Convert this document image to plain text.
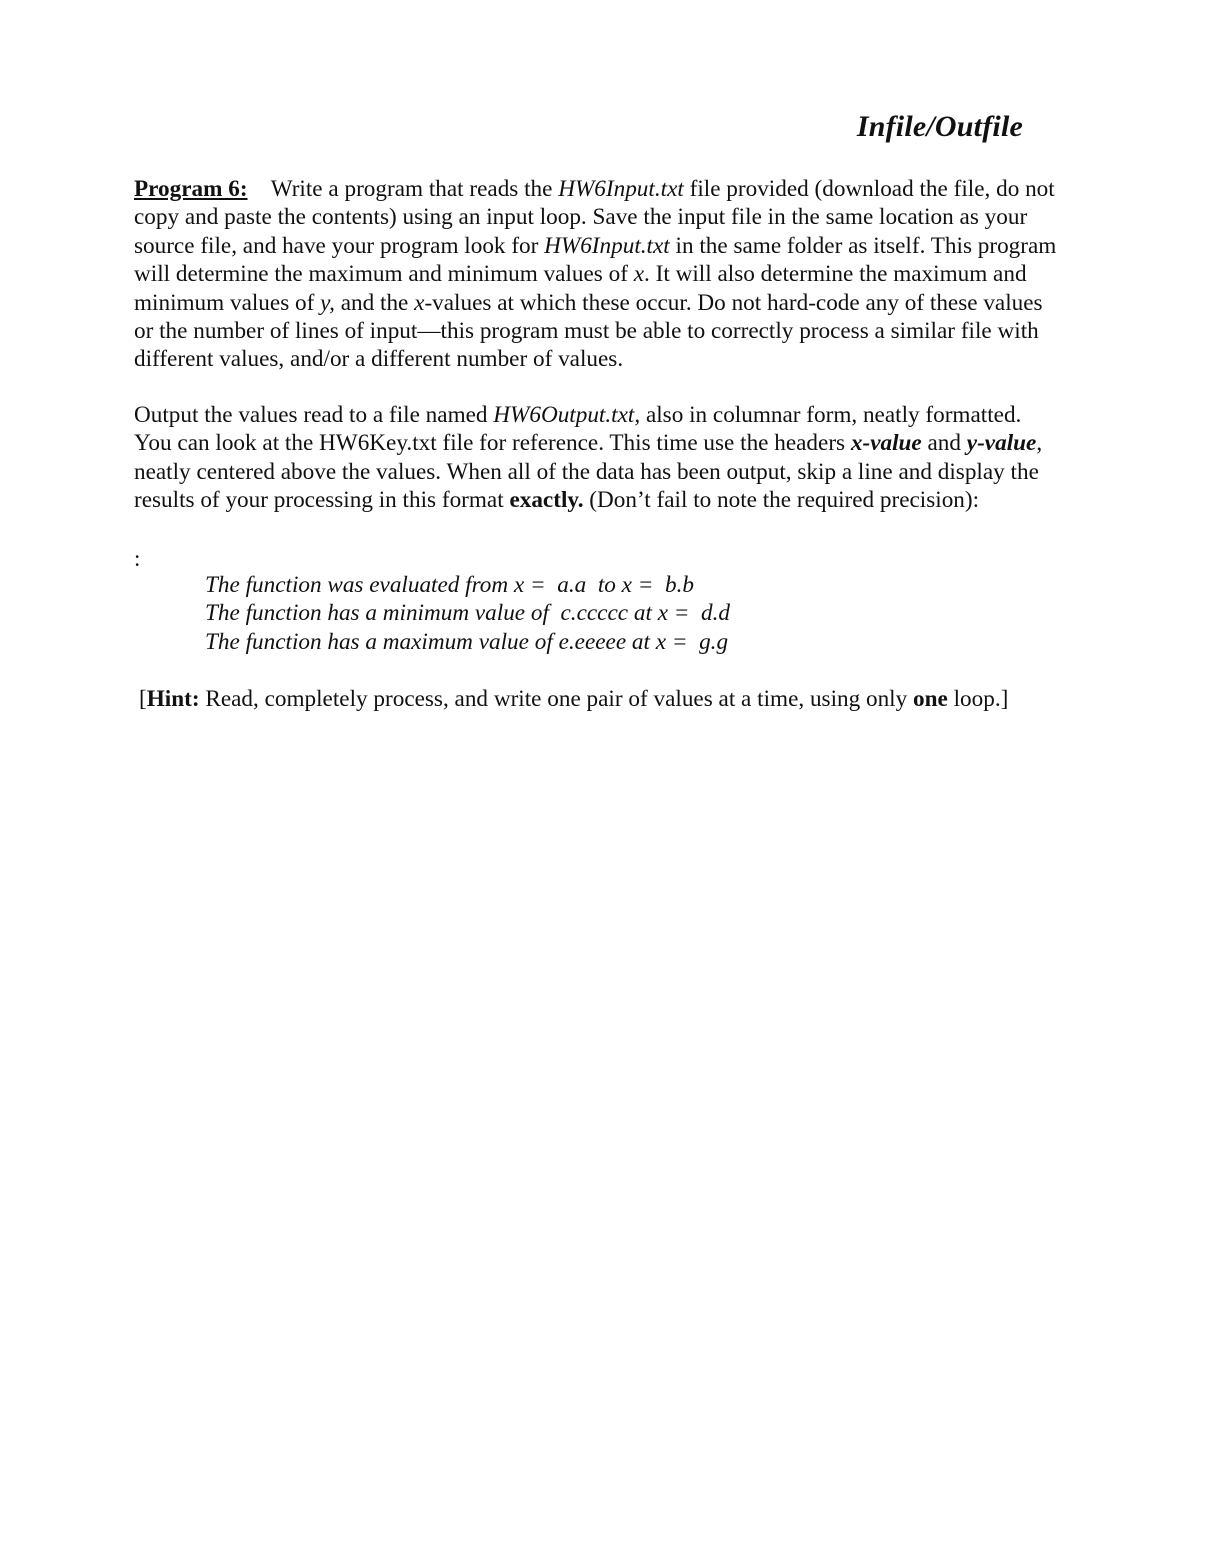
Infile/Outfile
Program 6: Write a program that reads the HW6Input.txt file provided (download the file, do not copy and paste the contents) using an input loop. Save the input file in the same location as your source file, and have your program look for HW6Input.txt in the same folder as itself. This program will determine the maximum and minimum values of x. It will also determine the maximum and minimum values of y, and the x-values at which these occur. Do not hard-code any of these values or the number of lines of input—this program must be able to correctly process a similar file with different values, and/or a different number of values.
Output the values read to a file named HW6Output.txt, also in columnar form, neatly formatted. You can look at the HW6Key.txt file for reference. This time use the headers x-value and y-value, neatly centered above the values. When all of the data has been output, skip a line and display the results of your processing in this format exactly. (Don’t fail to note the required precision):
:
The function was evaluated from x =  a.a  to x =  b.b
The function has a minimum value of  c.ccccc at x =  d.d
The function has a maximum value of e.eeeee at x =  g.g
[Hint: Read, completely process, and write one pair of values at a time, using only one loop.]
